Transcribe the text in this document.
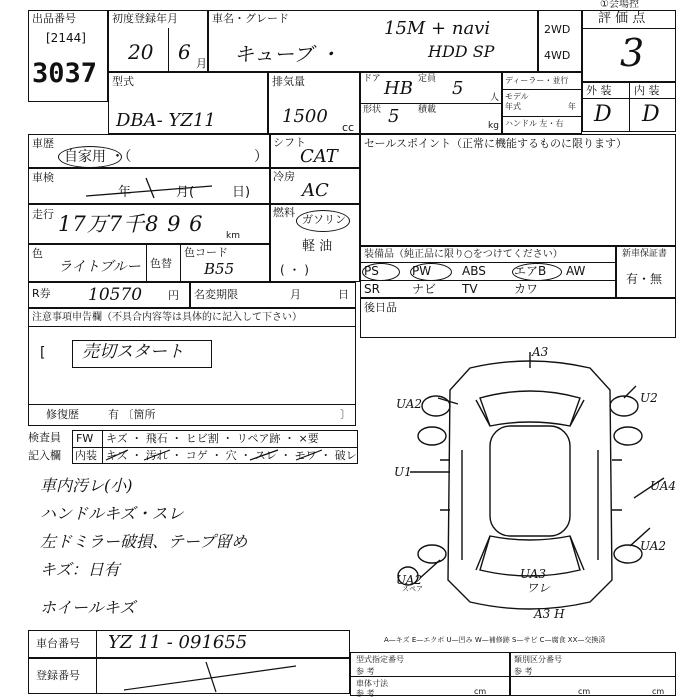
①会場控
出品番号
[2144]
3037
初度登録年月
20 6 月
車名・グレード
キューブ ・
15M + navi
HDD SP
2WD
4WD
評 価 点
3
外 装 内 装
D D
型式
DBA- YZ11
排気量
1500
cc
ドア HB 定員 5	人
形状 5 積載
kg
ディーラー・並行
モデル
年式	年
ハンドル 左・右
車歴
自家用 ・（	）
シフト
CAT
車検
年	月(	日)
冷房
AC
走行 17万7千8 9 6 km
燃料
ガソリン
軽 油
( ・ )
色
ライトブルー 色替
色コード
B55
R券 10570 円 名変期限	月	日
注意事項申告欄（不具合内容等は具体的に記入して下さい）
売切スタート
[
修復歴	有 〔箇所	〕
セールスポイント（正常に機能するものに限ります）
装備品（純正品に限り○をつけてください）
PS	PW	ABS エアB AW
SR	ナビ TV	カワ
新車保証書
有・無
後日品
検査員
記入欄
FW キズ ・ 飛石 ・ ヒビ割 ・ リペア跡 ・ ×要
内装 キズ ・ 汚れ ・ コゲ ・ 穴 ・ スレ ・ モワ ・ 破レ
車内汚レ(小)
ハンドルキズ・スレ
左ドミラー破損、テープ留め
キズ：日有
ホイールキズ
A3
UA2	U2
U1
UA4
UA2
UA2	UA3
ワレ
A3 H
スペア
A—キズ E—エクボ U—凹み W—補修跡 S—サビ C—腐食 XX—交換済
車台番号 YZ 11 - 091655
登録番号
型式指定番号
参 考
車体寸法
参 考	cm
類別区分番号
参 考
cm	cm
